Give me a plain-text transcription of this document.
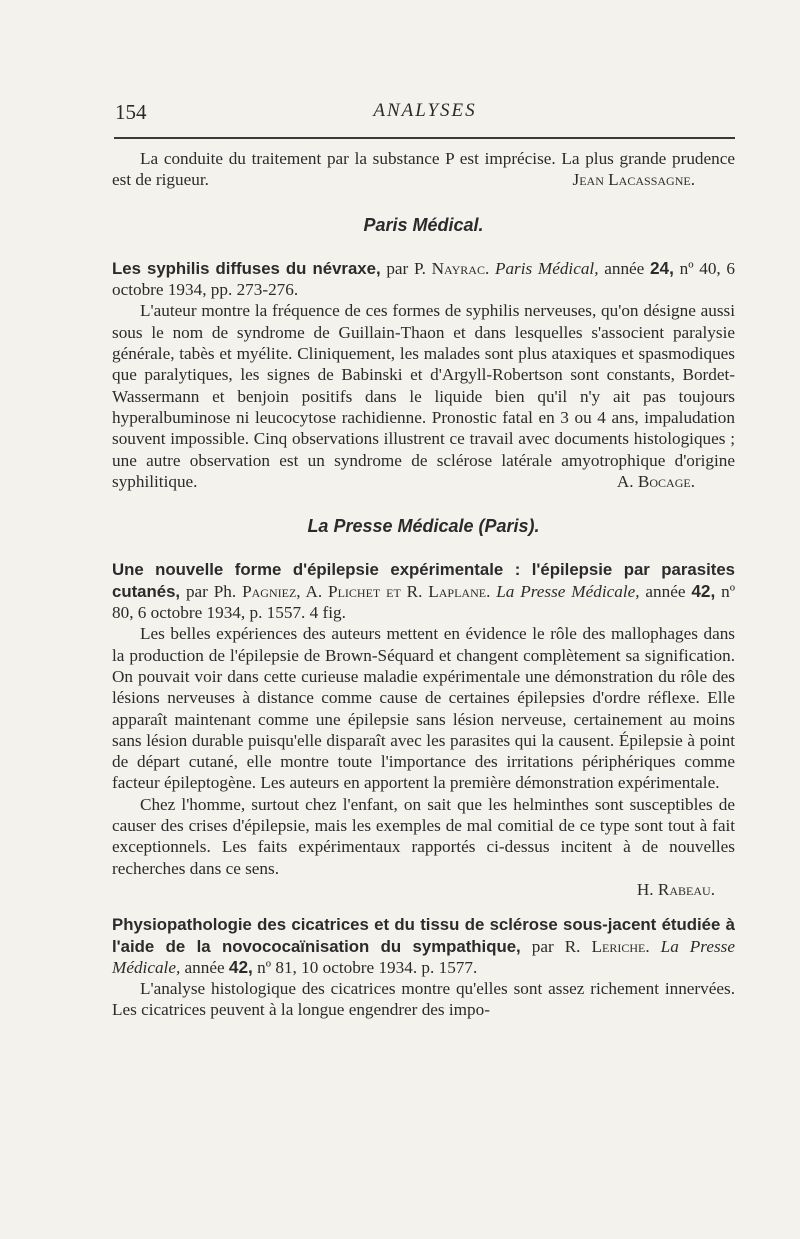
154	ANALYSES

La conduite du traitement par la substance P est imprécise. La plus grande prudence est de rigueur.	Jean Lacassagne.

Paris Médical.

Les syphilis diffuses du névraxe, par P. Nayrac. Paris Médical, année 24, nº 40, 6 octobre 1934, pp. 273-276.

L'auteur montre la fréquence de ces formes de syphilis nerveuses, qu'on désigne aussi sous le nom de syndrome de Guillain-Thaon et dans lesquelles s'associent paralysie générale, tabès et myélite. Cliniquement, les malades sont plus ataxiques et spasmodiques que paralytiques, les signes de Babinski et d'Argyll-Robertson sont constants, Bordet-Wassermann et benjoin positifs dans le liquide bien qu'il n'y ait pas toujours hyperalbuminose ni leucocytose rachidienne. Pronostic fatal en 3 ou 4 ans, impaludation souvent impossible. Cinq observations illustrent ce travail avec documents histologiques ; une autre observation est un syndrome de sclérose latérale amyotrophique d'origine syphilitique.	A. Bocage.

La Presse Médicale (Paris).

Une nouvelle forme d'épilepsie expérimentale : l'épilepsie par parasites cutanés, par Ph. Pagniez, A. Plichet et R. Laplane. La Presse Médicale, année 42, nº 80, 6 octobre 1934, p. 1557. 4 fig.

Les belles expériences des auteurs mettent en évidence le rôle des mallophages dans la production de l'épilepsie de Brown-Séquard et changent complètement sa signification. On pouvait voir dans cette curieuse maladie expérimentale une démonstration du rôle des lésions nerveuses à distance comme cause de certaines épilepsies d'ordre réflexe. Elle apparaît maintenant comme une épilepsie sans lésion nerveuse, certainement au moins sans lésion durable puisqu'elle disparaît avec les parasites qui la causent. Épilepsie à point de départ cutané, elle montre toute l'importance des irritations périphériques comme facteur épileptogène. Les auteurs en apportent la première démonstration expérimentale.

Chez l'homme, surtout chez l'enfant, on sait que les helminthes sont susceptibles de causer des crises d'épilepsie, mais les exemples de mal comitial de ce type sont tout à fait exceptionnels. Les faits expérimentaux rapportés ci-dessus incitent à de nouvelles recherches dans ce sens.

H. Rabeau.

Physiopathologie des cicatrices et du tissu de sclérose sous-jacent étudiée à l'aide de la novococaïnisation du sympathique, par R. Leriche. La Presse Médicale, année 42, nº 81, 10 octobre 1934. p. 1577.

L'analyse histologique des cicatrices montre qu'elles sont assez richement innervées. Les cicatrices peuvent à la longue engendrer des impo-
